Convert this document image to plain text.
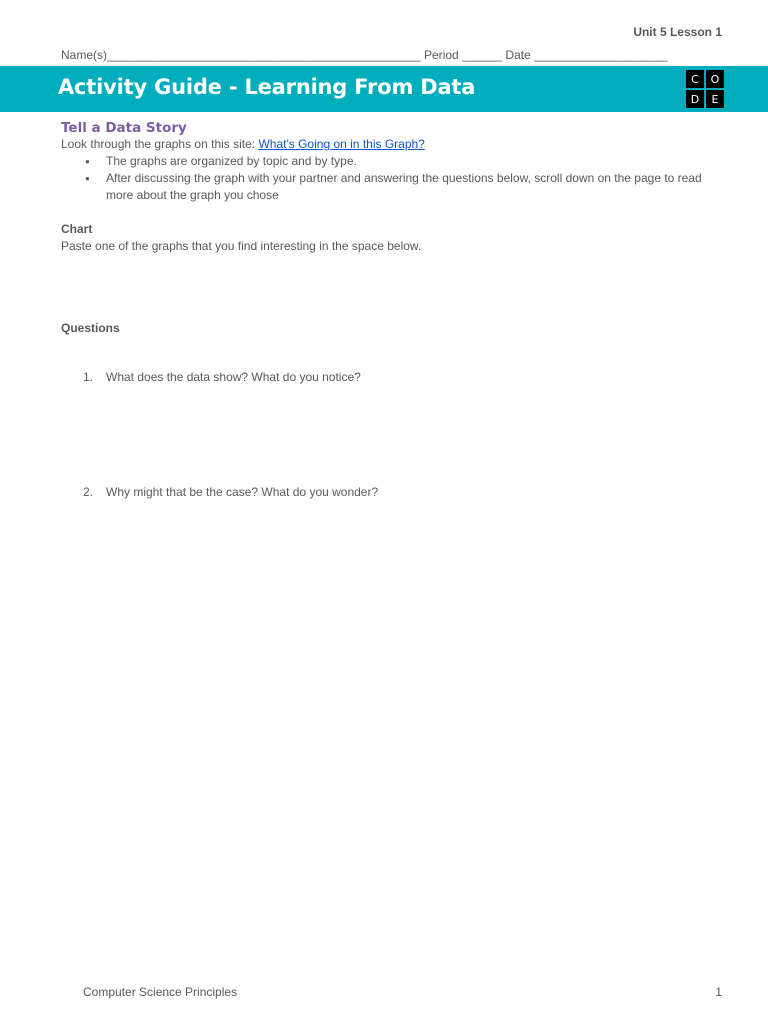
Unit 5 Lesson 1
Name(s)_______________________________________________ Period ______ Date ____________________
Activity Guide - Learning From Data	C	O
D	E
Tell a Data Story

Look through the graphs on this site: What's Going on in this Graph?

● The graphs are organized by topic and by type.
● After discussing the graph with your partner and answering the questions below, scroll down on the page to read more about the graph you chose

Chart

Paste one of the graphs that you find interesting in the space below.

Questions
1. What does the data show? What do you notice?
2. Why might that be the case? What do you wonder?
Computer Science Principles	1
